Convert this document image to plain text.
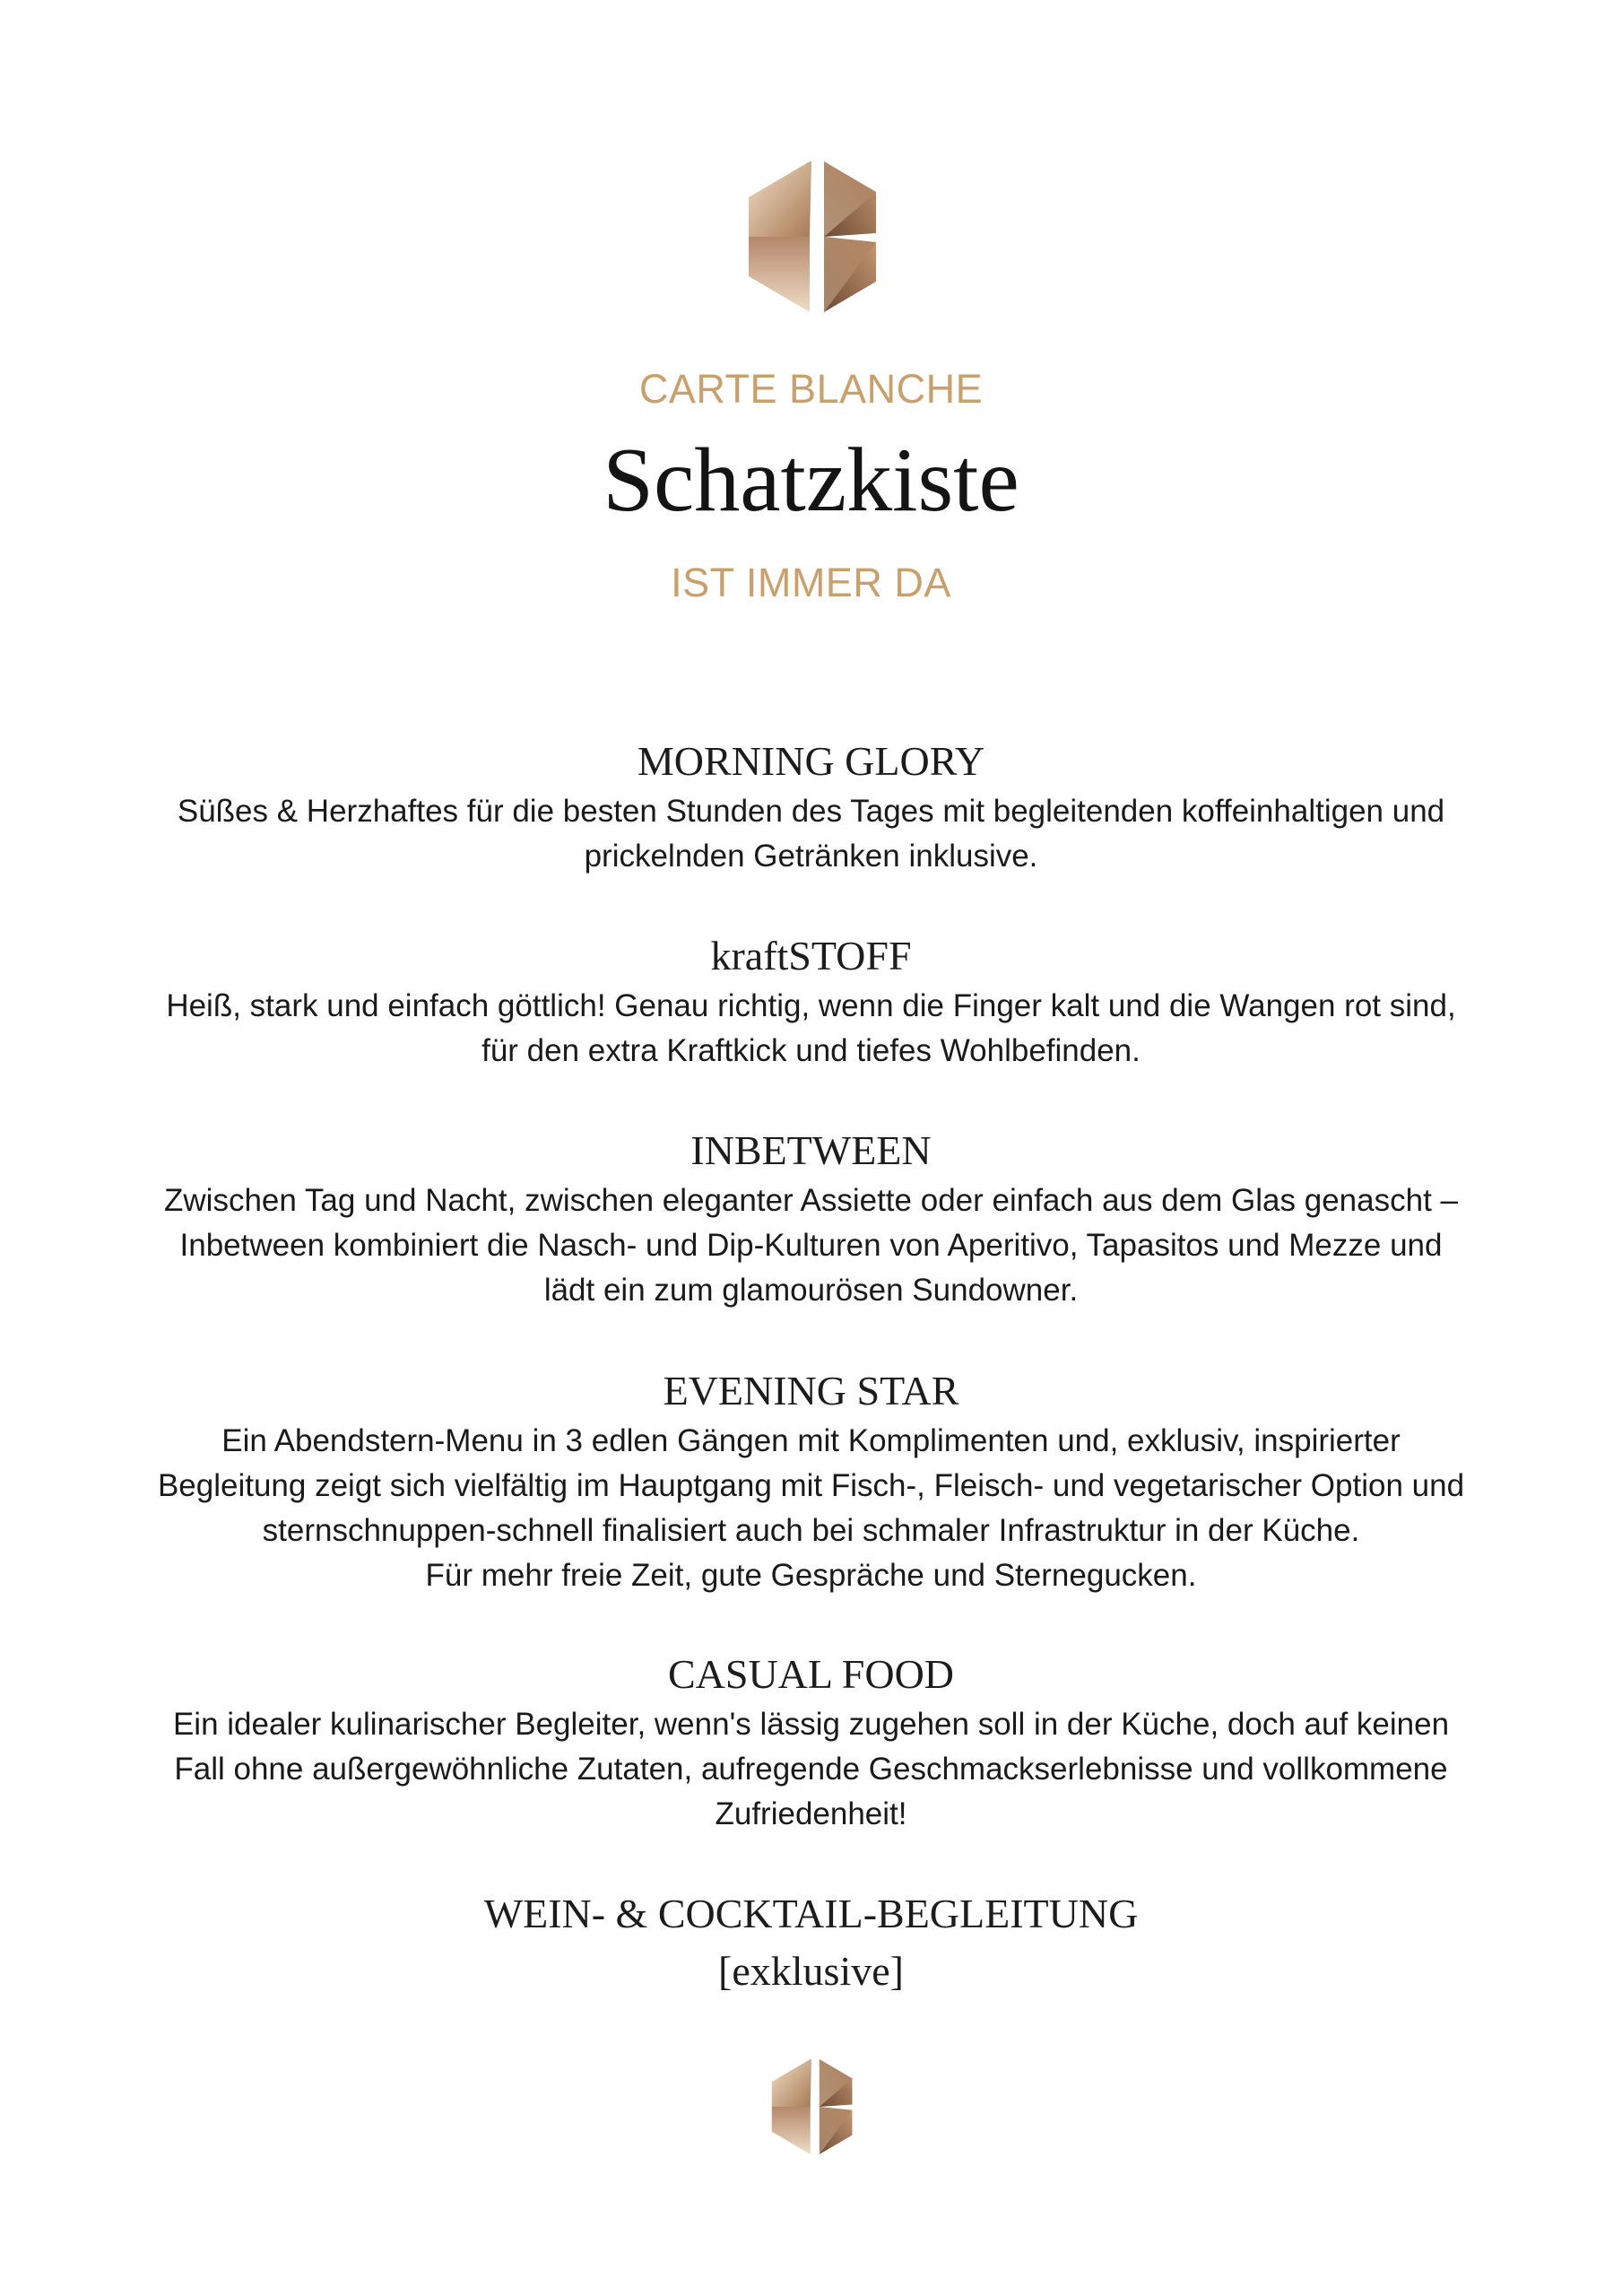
CARTE BLANCHE
Schatzkiste
IST IMMER DA
MORNING GLORY

Süßes & Herzhaftes für die besten Stunden des Tages mit begleitenden koffeinhaltigen und
prickelnden Getränken inklusive.

kraftSTOFF

Heiß, stark und einfach göttlich! Genau richtig, wenn die Finger kalt und die Wangen rot sind,
für den extra Kraftkick und tiefes Wohlbefinden.

INBETWEEN

Zwischen Tag und Nacht, zwischen eleganter Assiette oder einfach aus dem Glas genascht –
Inbetween kombiniert die Nasch- und Dip-Kulturen von Aperitivo, Tapasitos und Mezze und
lädt ein zum glamourösen Sundowner.

EVENING STAR

Ein Abendstern-Menu in 3 edlen Gängen mit Komplimenten und, exklusiv, inspirierter
Begleitung zeigt sich vielfältig im Hauptgang mit Fisch-, Fleisch- und vegetarischer Option und
sternschnuppen-schnell finalisiert auch bei schmaler Infrastruktur in der Küche.
Für mehr freie Zeit, gute Gespräche und Sternegucken.

CASUAL FOOD

Ein idealer kulinarischer Begleiter, wenn's lässig zugehen soll in der Küche, doch auf keinen
Fall ohne außergewöhnliche Zutaten, aufregende Geschmackserlebnisse und vollkommene
Zufriedenheit!

WEIN- & COCKTAIL-BEGLEITUNG
[exklusive]
